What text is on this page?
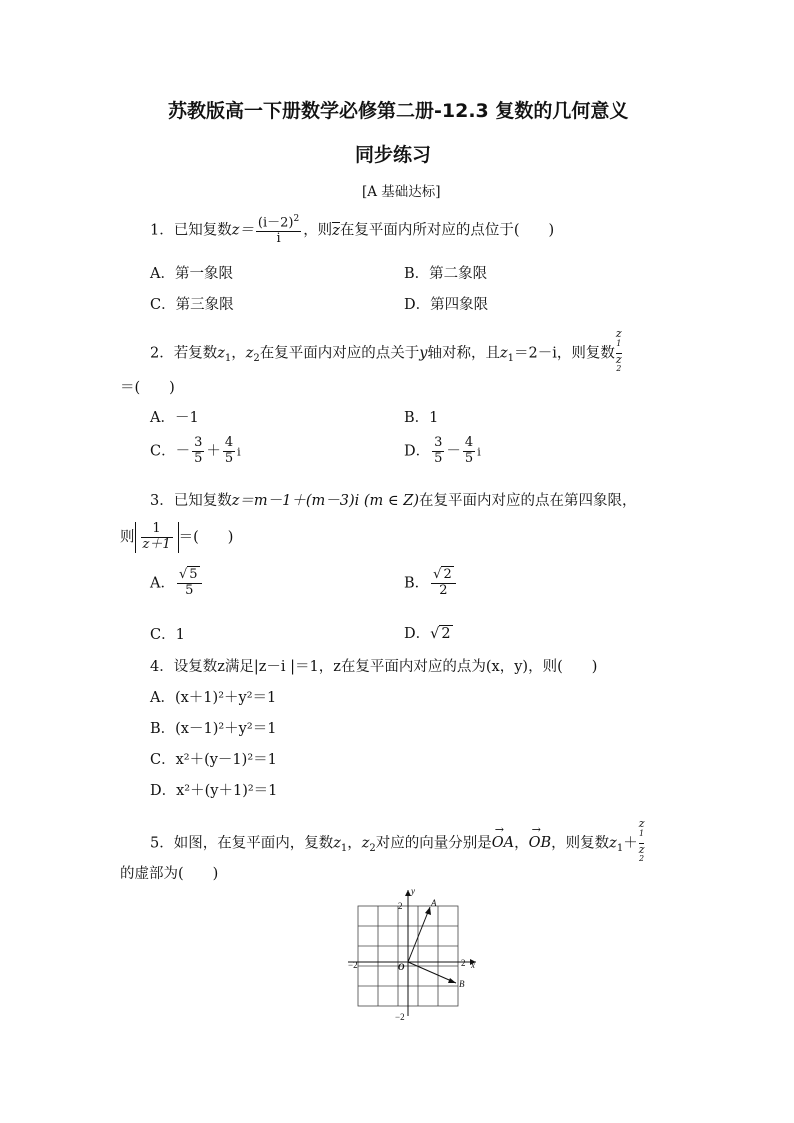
苏教版高一下册数学必修第二册-12.3 复数的几何意义
同步练习
[A 基础达标]
1．已知复数$z= \frac{(i-2)^2}{i}$ ，则z在复平面内所对应的点位于(　　)
A．第一象限	B．第二象限
C．第三象限	D．第四象限
2．若复数$z_1$，$z_2$在复平面内对应的点关于y轴对称，且$z_1=2-i$，则复数 z
$^1$
z
$^2$
＝(　　)
A．－1	B．1
C．－ $\frac{3}{5} + \frac{4}{5}$ i	D． $\frac{3}{5} - \frac{4}{5}$ i
3．已知复数z＝m－1＋(m－3)i (m ∈ Z)在复平面内对应的点在第四象限，
则 $\frac{1}{z+1}$ ＝(　　)
A． $\frac{√ 5}{5}$	B． $\frac{√ 2}{2}$
C．1	D．√ 2
4．设复数z满足|z－i |＝1，z在复平面内对应的点为(x，y)，则(　　)
A．(x＋1)²＋y²＝1
B．(x－1)²＋y²＝1
C．x²＋(y－1)²＝1
D．x²＋(y＋1)²＝1
5．如图，在复平面内，复数$z_1$，$z_2$对应的向量分别是→ OA，→ OB，则复数$z_1+ z$
$^1$
z
$^2$
的虚部为(　　)
y
x
2
−2
2
−2	O
A
B
